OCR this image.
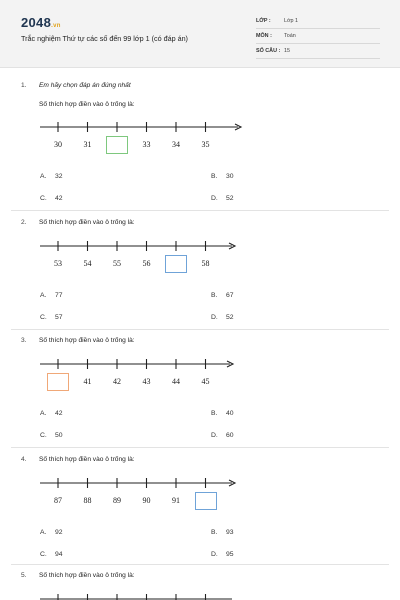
2048.vn
Trắc nghiệm Thứ tự các số đến 99 lớp 1 (có đáp án)
LỚP : Lớp 1
MÔN : Toán
SỐ CÂU : 15
1. Em hãy chọn đáp án đúng nhất
Số thích hợp điền vào ô trống là:
30	31	33	34	35
A. 32	B. 30
C. 42	D. 52
2. Số thích hợp điền vào ô trống là:
53	54	55	56	58
A. 77	B. 67
C. 57	D. 52
3. Số thích hợp điền vào ô trống là:
41	42	43	44	45
A. 42	B. 40
C. 50	D. 60
4. Số thích hợp điền vào ô trống là:
87	88	89	90	91
A. 92	B. 93
C. 94	D. 95
5. Số thích hợp điền vào ô trống là:
